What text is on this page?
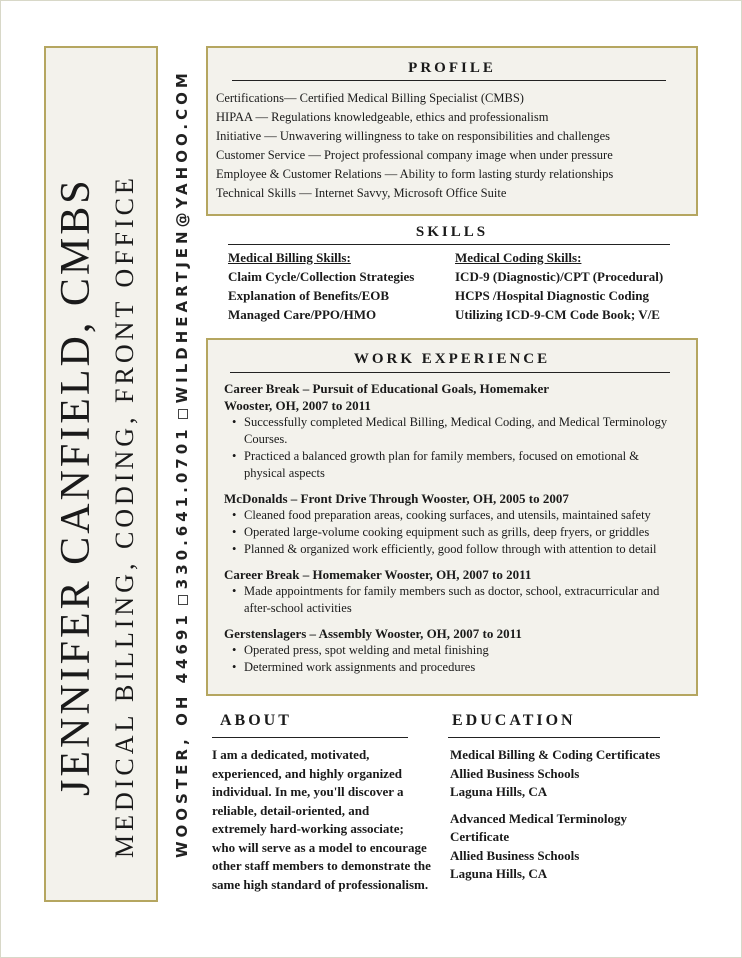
JENNIFER CANFIELD, CMBS MEDICAL BILLING, CODING, FRONT OFFICE WOOSTER, OH 44691330.641.0701WILDHEARTJEN@YAHOO.COM
PROFILE
Certifications— Certified Medical Billing Specialist (CMBS)
HIPAA — Regulations knowledgeable, ethics and professionalism
Initiative — Unwavering willingness to take on responsibilities and challenges
Customer Service — Project professional company image when under pressure
Employee & Customer Relations — Ability to form lasting sturdy relationships
Technical Skills — Internet Savvy, Microsoft Office Suite
SKILLS
Medical Billing Skills:
Claim Cycle/Collection Strategies
Explanation of Benefits/EOB
Managed Care/PPO/HMO
Medical Coding Skills:
ICD-9 (Diagnostic)/CPT (Procedural)
HCPS /Hospital Diagnostic Coding
Utilizing ICD-9-CM Code Book; V/E
WORK EXPERIENCE
Career Break – Pursuit of Educational Goals, Homemaker
Wooster, OH, 2007 to 2011
• Successfully completed Medical Billing, Medical Coding, and Medical Terminology Courses.
• Practiced a balanced growth plan for family members, focused on emotional & physical aspects
McDonalds – Front Drive Through Wooster, OH, 2005 to 2007
• Cleaned food preparation areas, cooking surfaces, and utensils, maintained safety
• Operated large-volume cooking equipment such as grills, deep fryers, or griddles
• Planned & organized work efficiently, good follow through with attention to detail
Career Break – Homemaker Wooster, OH, 2007 to 2011
• Made appointments for family members such as doctor, school, extracurricular and after-school activities
Gerstenslagers – Assembly Wooster, OH, 2007 to 2011
• Operated press, spot welding and metal finishing
• Determined work assignments and procedures
ABOUT
I am a dedicated, motivated,
experienced, and highly organized
individual. In me, you'll discover a
reliable, detail-oriented, and
extremely hard-working associate;
who will serve as a model to encourage
other staff members to demonstrate the
same high standard of professionalism.
EDUCATION
Medical Billing & Coding Certificates
Allied Business Schools
Laguna Hills, CA
Advanced Medical Terminology
Certificate
Allied Business Schools
Laguna Hills, CA
